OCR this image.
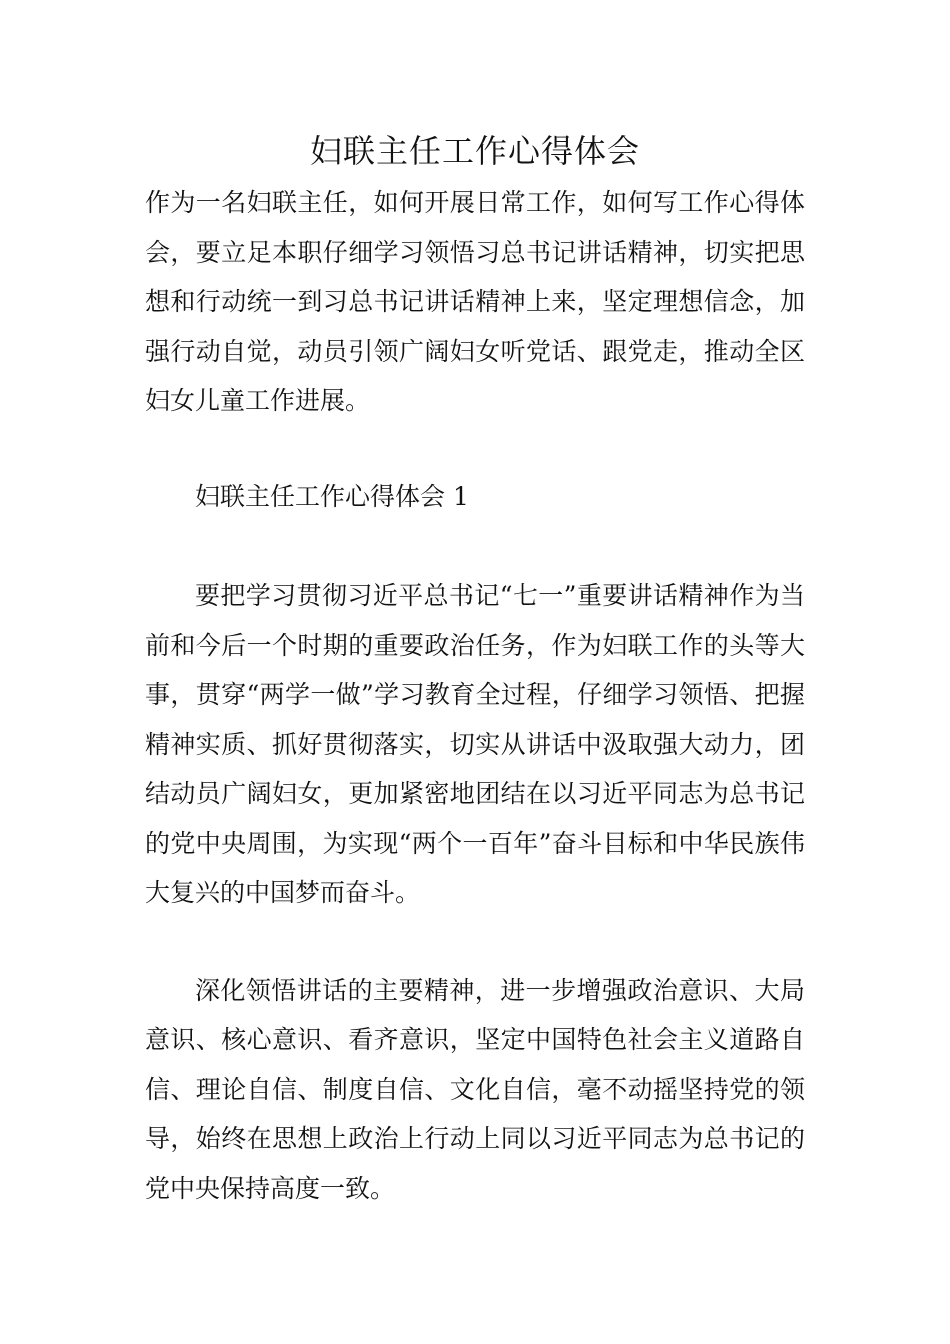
妇联主任工作心得体会

作为一名妇联主任，如何开展日常工作，如何写工作心得体会，要立足本职仔细学习领悟习总书记讲话精神，切实把思想和行动统一到习总书记讲话精神上来，坚定理想信念，加强行动自觉，动员引领广阔妇女听党话、跟党走，推动全区妇女儿童工作进展。

妇联主任工作心得体会 1

要把学习贯彻习近平总书记“七一”重要讲话精神作为当前和今后一个时期的重要政治任务，作为妇联工作的头等大事，贯穿“两学一做”学习教育全过程，仔细学习领悟、把握精神实质、抓好贯彻落实，切实从讲话中汲取强大动力，团结动员广阔妇女，更加紧密地团结在以习近平同志为总书记的党中央周围，为实现“两个一百年”奋斗目标和中华民族伟大复兴的中国梦而奋斗。

深化领悟讲话的主要精神，进一步增强政治意识、大局意识、核心意识、看齐意识，坚定中国特色社会主义道路自信、理论自信、制度自信、文化自信，毫不动摇坚持党的领导，始终在思想上政治上行动上同以习近平同志为总书记的党中央保持高度一致。
